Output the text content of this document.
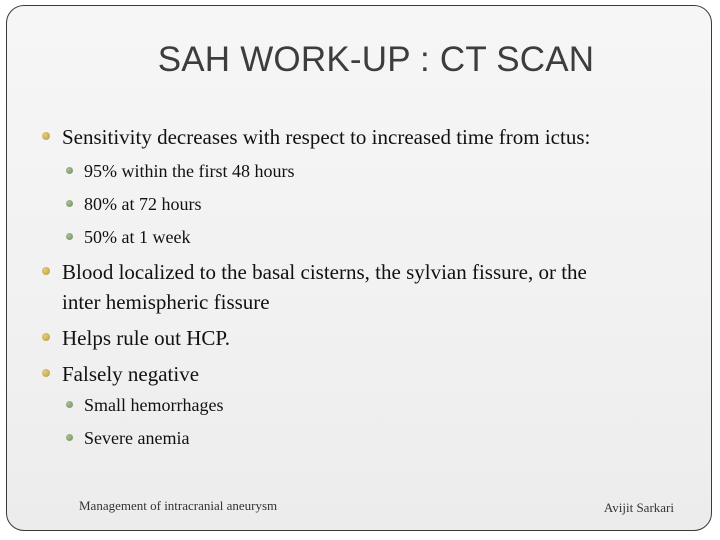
SAH WORK-UP : CT SCAN
Sensitivity decreases with respect to increased time from ictus:
95% within the first 48 hours
80% at 72 hours
50% at 1 week
Blood localized to the basal cisterns, the sylvian fissure, or the
inter hemispheric fissure
Helps rule out HCP.
Falsely negative
Small hemorrhages
Severe anemia
Management of intracranial aneurysm	Avijit Sarkari
